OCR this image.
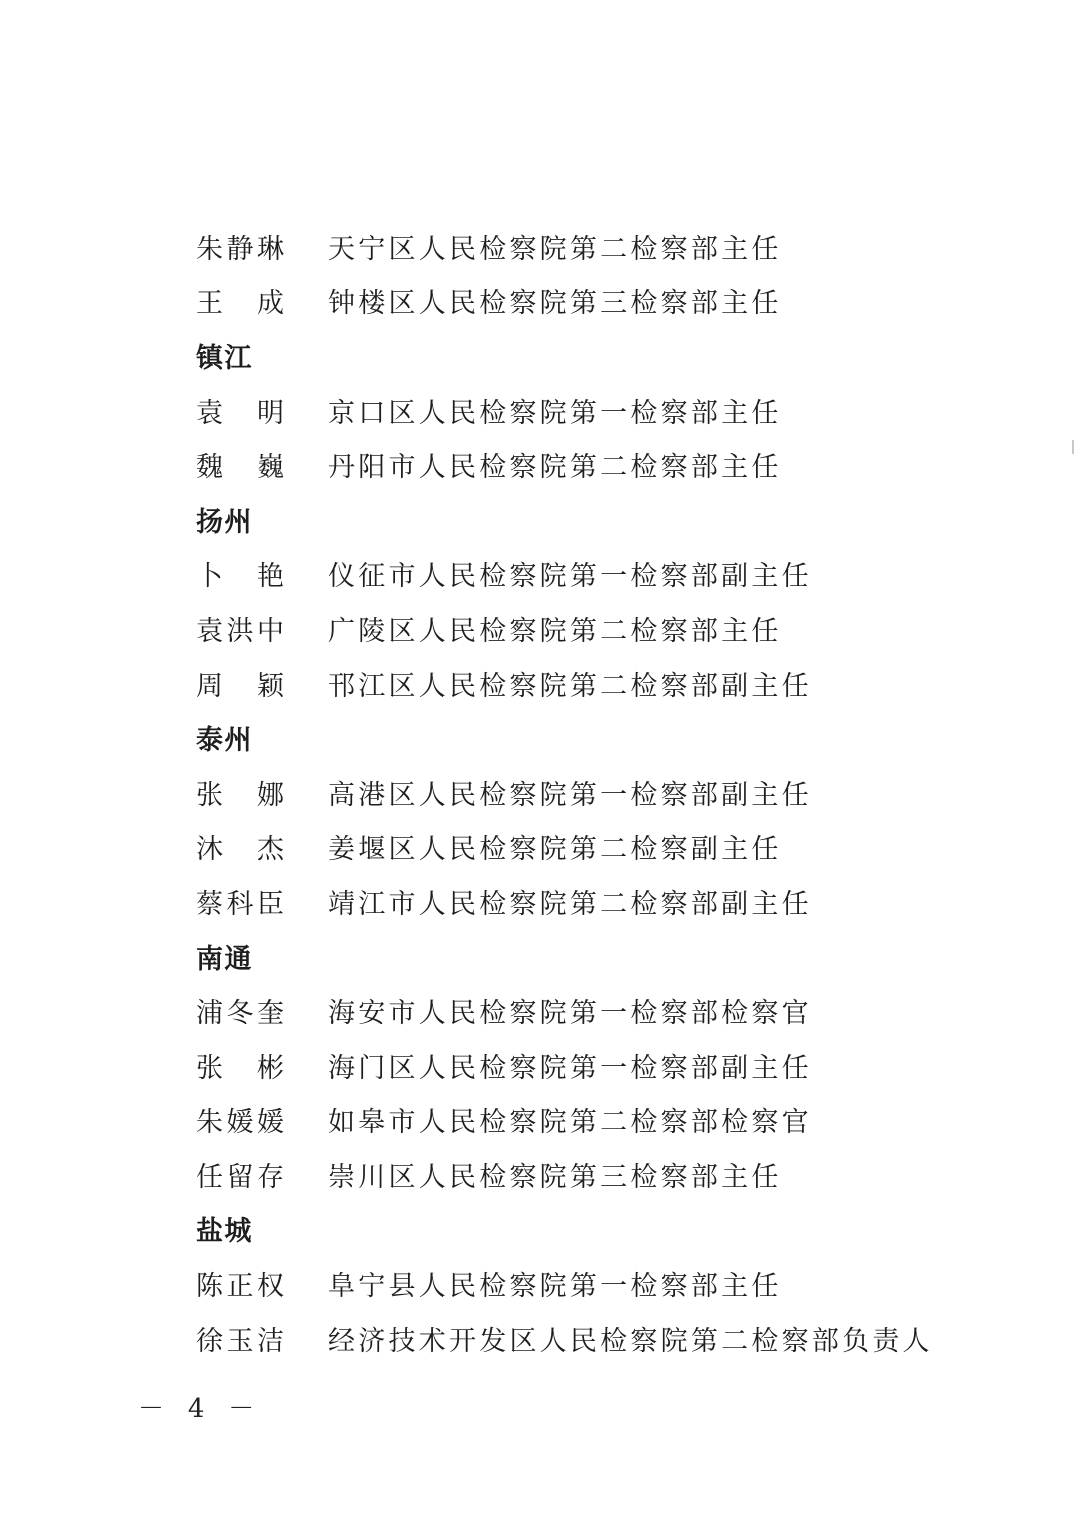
朱 静 琳 天宁区人民检察院第二检察部主任
王 成 钟楼区人民检察院第三检察部主任
镇江
袁 明 京口区人民检察院第一检察部主任
魏 巍 丹阳市人民检察院第二检察部主任
扬州
卜 艳 仪征市人民检察院第一检察部副主任
袁 洪 中 广陵区人民检察院第二检察部主任
周 颖 邗江区人民检察院第二检察部副主任
泰州
张 娜 高港区人民检察院第一检察部副主任
沐 杰 姜堰区人民检察院第二检察副主任
蔡 科 臣 靖江市人民检察院第二检察部副主任
南通
浦 冬 奎 海安市人民检察院第一检察部检察官
张 彬 海门区人民检察院第一检察部副主任
朱 媛 媛 如皋市人民检察院第二检察部检察官
任 留 存 崇川区人民检察院第三检察部主任
盐城
陈 正 权 阜宁县人民检察院第一检察部主任
徐 玉 洁 经济技术开发区人民检察院第二检察部负责人
－ 4 －
